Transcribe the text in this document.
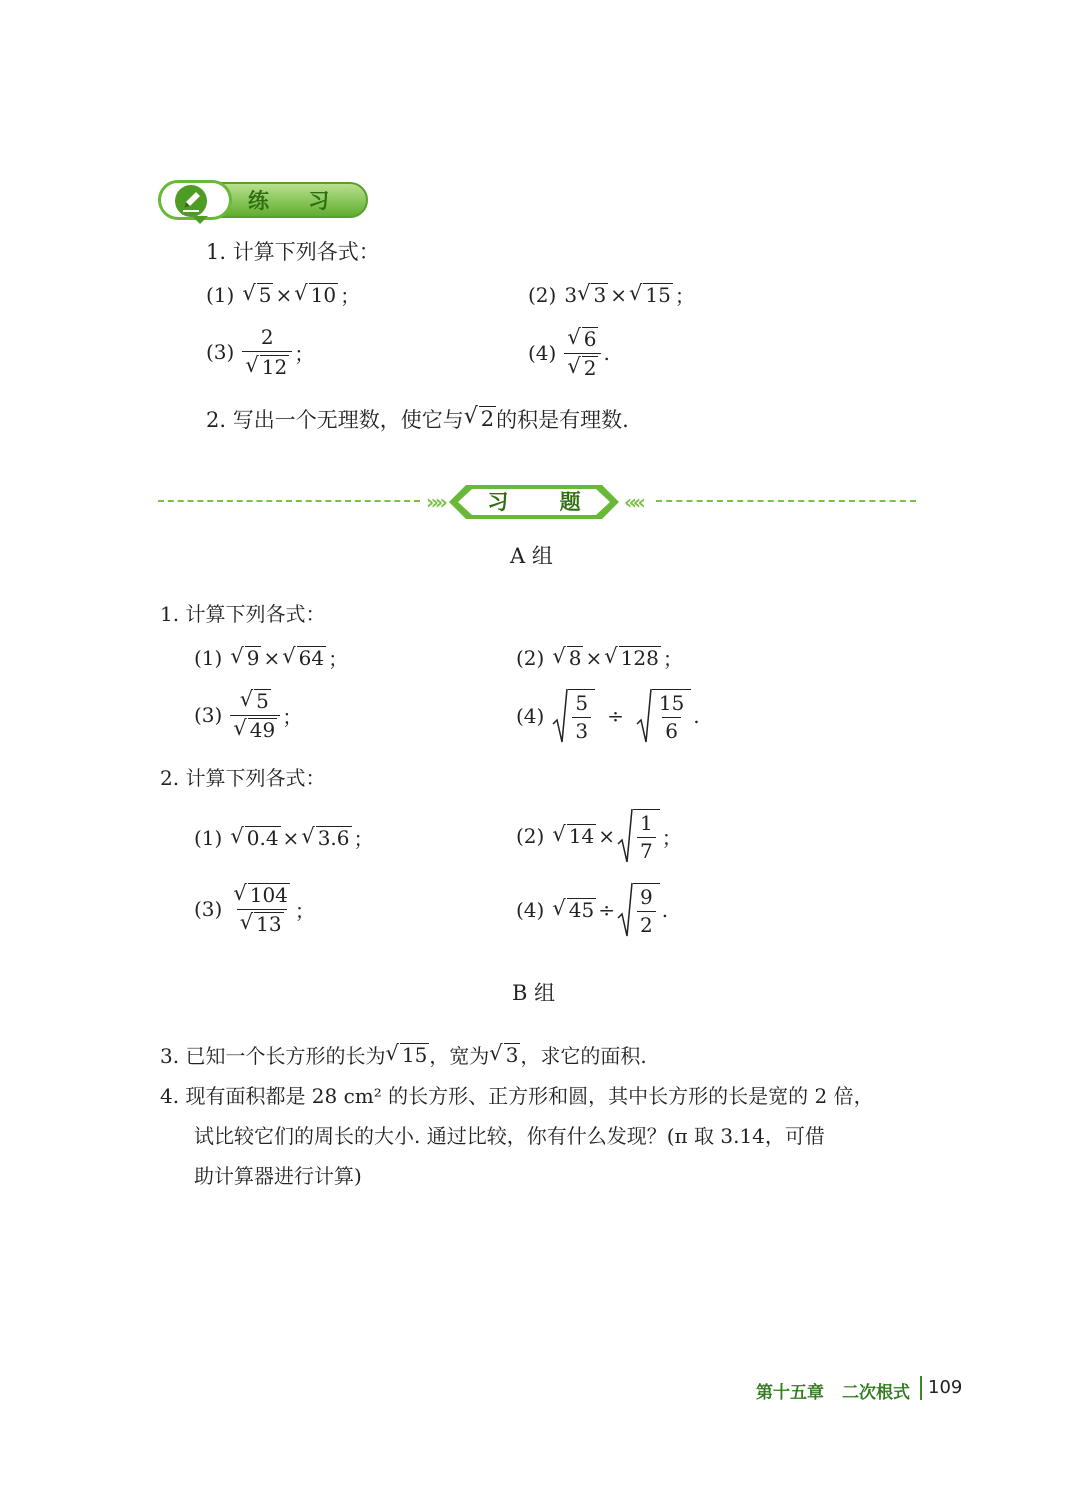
练 习
1. 计算下列各式：
(1) √ 5 × √ 10 ；	(2) 3 √ 3 × √ 15 ；
$(3) \frac{2}{√ 12}$ ；	$(4) \frac{√ 6}{√ 2}$ .
2. 写出一个无理数，使它与 √ 2 的积是有理数.
»»	习 题	««
A 组
1. 计算下列各式：
(1) √ 9 × √ 64 ；	(2) √ 8 × √ 128 ；
$(3) \frac{√ 5}{√ 49}$ ；	$(4) \frac{5}{3} \div \frac{15}{6}$ .
2. 计算下列各式：
(1) √ 0.4 × √ 3.6 ；	(2) √ $14 \times \frac{1}{7}$ ；
$(3) \frac{√ 104}{√ 13}$ ；	(4) √ $45 \div \frac{9}{2}$ .
B 组
3. 已知一个长方形的长为 √ 15 ，宽为 √ 3 ，求它的面积.
4. 现有面积都是 28 cm² 的长方形、正方形和圆，其中长方形的长是宽的 2 倍，
试比较它们的周长的大小. 通过比较，你有什么发现？(π 取 3.14，可借
助计算器进行计算)
第十五章 二次根式 109
